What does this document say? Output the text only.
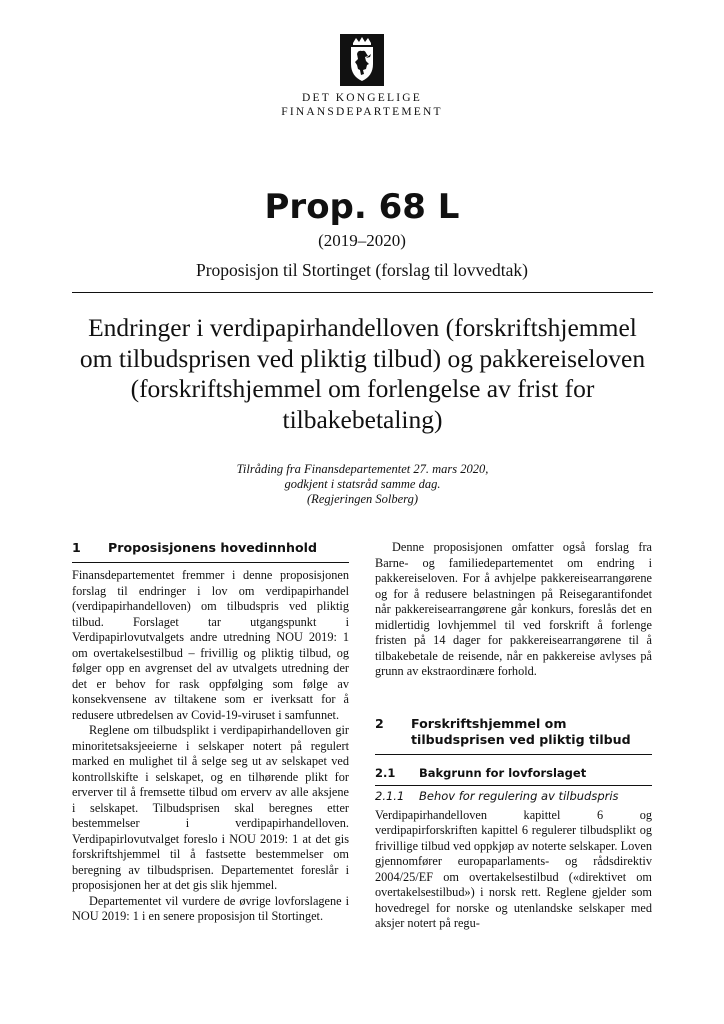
DET KONGELIGE
FINANSDEPARTEMENT
Prop. 68 L
(2019–2020)
Proposisjon til Stortinget (forslag til lovvedtak)
Endringer i verdipapirhandelloven (forskriftshjemmel om tilbudsprisen ved pliktig tilbud) og pakkereiseloven (forskriftshjemmel om forlengelse av frist for tilbakebetaling)
Tilråding fra Finansdepartementet 27. mars 2020,
godkjent i statsråd samme dag.
(Regjeringen Solberg)
1	Proposisjonens hovedinnhold

Finansdepartementet fremmer i denne proposisjonen forslag til endringer i lov om verdipapirhandel (verdipapirhandelloven) om tilbudspris ved pliktig tilbud. Forslaget tar utgangspunkt i Verdipapirlovutvalgets andre utredning NOU 2019: 1 om overtakelsestilbud – frivillig og pliktig tilbud, og følger opp en avgrenset del av utvalgets utredning der det er behov for rask oppfølging som følge av konsekvensene av tiltakene som er iverksatt for å redusere utbredelsen av Covid-19-viruset i samfunnet.

Reglene om tilbudsplikt i verdipapirhandelloven gir minoritetsaksjeeierne i selskaper notert på regulert marked en mulighet til å selge seg ut av selskapet ved kontrollskifte i selskapet, og en tilhørende plikt for erverver til å fremsette tilbud om erverv av alle aksjene i selskapet. Tilbudsprisen skal beregnes etter bestemmelser i verdipapirhandelloven. Verdipapirlovutvalget foreslo i NOU 2019: 1 at det gis forskriftshjemmel til å fastsette bestemmelser om beregning av tilbudsprisen. Departementet foreslår i proposisjonen her at det gis slik hjemmel.

Departementet vil vurdere de øvrige lovforslagene i NOU 2019: 1 i en senere proposisjon til Stortinget.

Denne proposisjonen omfatter også forslag fra Barne- og familiedepartementet om endring i pakkereiseloven. For å avhjelpe pakkereisearrangørene og for å redusere belastningen på Reisegarantifondet når pakkereisearrangørene går konkurs, foreslås det en midlertidig lovhjemmel til ved forskrift å forlenge fristen på 14 dager for pakkereisearrangørene til å tilbakebetale de reisende, når en pakkereise avlyses på grunn av ekstraordinære forhold.

2	Forskriftshjemmel om tilbudsprisen ved pliktig tilbud
2.1	Bakgrunn for lovforslaget
2.1.1	Behov for regulering av tilbudspris

Verdipapirhandelloven kapittel 6 og verdipapirforskriften kapittel 6 regulerer tilbudsplikt og frivillige tilbud ved oppkjøp av noterte selskaper. Loven gjennomfører europaparlaments- og rådsdirektiv 2004/25/EF om overtakelsestilbud («direktivet om overtakelsestilbud») i norsk rett. Reglene gjelder som hovedregel for norske og utenlandske selskaper med aksjer notert på regu-
